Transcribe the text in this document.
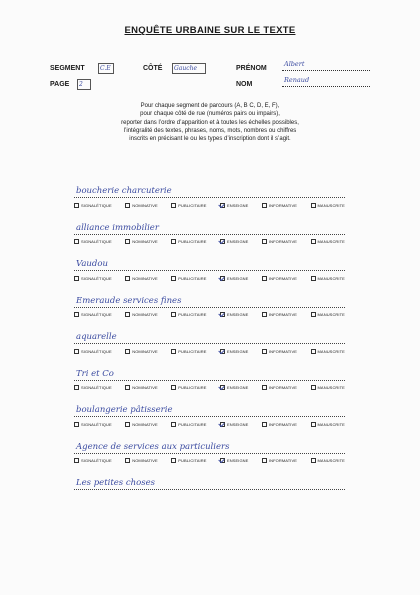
ENQUÊTE URBAINE SUR LE TEXTE
SEGMENT	C.E	CÔTÉ	Gauche	PRÉNOM
Albert
PAGE	2	NOM
Renaud
Pour chaque segment de parcours (A, B C, D, E, F),
pour chaque côté de rue (numéros pairs ou impairs),
reporter dans l’ordre d’apparition et à toutes les échelles possibles,
l’intégralité des textes, phrases, noms, mots, nombres ou chiffres
inscrits en précisant le ou les types d’inscription dont il s’agit.
boucherie charcuterie
SIGNALÉTIQUE	NOMINATIVE	PUBLICITAIRE	ENSEIGNE	INFORMATIVE	MANUSCRITE
alliance immobilier
SIGNALÉTIQUE	NOMINATIVE	PUBLICITAIRE	ENSEIGNE	INFORMATIVE	MANUSCRITE
Vaudou
SIGNALÉTIQUE	NOMINATIVE	PUBLICITAIRE	ENSEIGNE	INFORMATIVE	MANUSCRITE
Emeraude services fines
SIGNALÉTIQUE	NOMINATIVE	PUBLICITAIRE	ENSEIGNE	INFORMATIVE	MANUSCRITE
aquarelle
SIGNALÉTIQUE	NOMINATIVE	PUBLICITAIRE	ENSEIGNE	INFORMATIVE	MANUSCRITE
Tri et Co
SIGNALÉTIQUE	NOMINATIVE	PUBLICITAIRE	ENSEIGNE	INFORMATIVE	MANUSCRITE
boulangerie pâtisserie
SIGNALÉTIQUE	NOMINATIVE	PUBLICITAIRE	ENSEIGNE	INFORMATIVE	MANUSCRITE
Agence de services aux particuliers
SIGNALÉTIQUE	NOMINATIVE	PUBLICITAIRE	ENSEIGNE	INFORMATIVE	MANUSCRITE
Les petites choses
